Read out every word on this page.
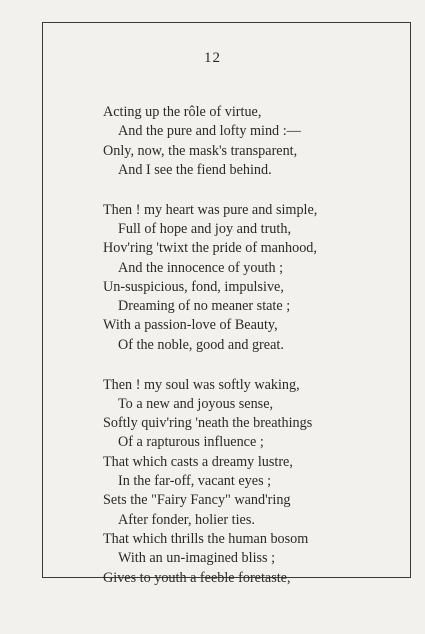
12
Acting up the rôle of virtue,
And the pure and lofty mind :—
Only, now, the mask's transparent,
And I see the fiend behind.
Then ! my heart was pure and simple,
Full of hope and joy and truth,
Hov'ring 'twixt the pride of manhood,
And the innocence of youth ;
Un-suspicious, fond, impulsive,
Dreaming of no meaner state ;
With a passion-love of Beauty,
Of the noble, good and great.
Then ! my soul was softly waking,
To a new and joyous sense,
Softly quiv'ring 'neath the breathings
Of a rapturous influence ;
That which casts a dreamy lustre,
In the far-off, vacant eyes ;
Sets the "Fairy Fancy" wand'ring
After fonder, holier ties.
That which thrills the human bosom
With an un-imagined bliss ;
Gives to youth a feeble foretaste,
